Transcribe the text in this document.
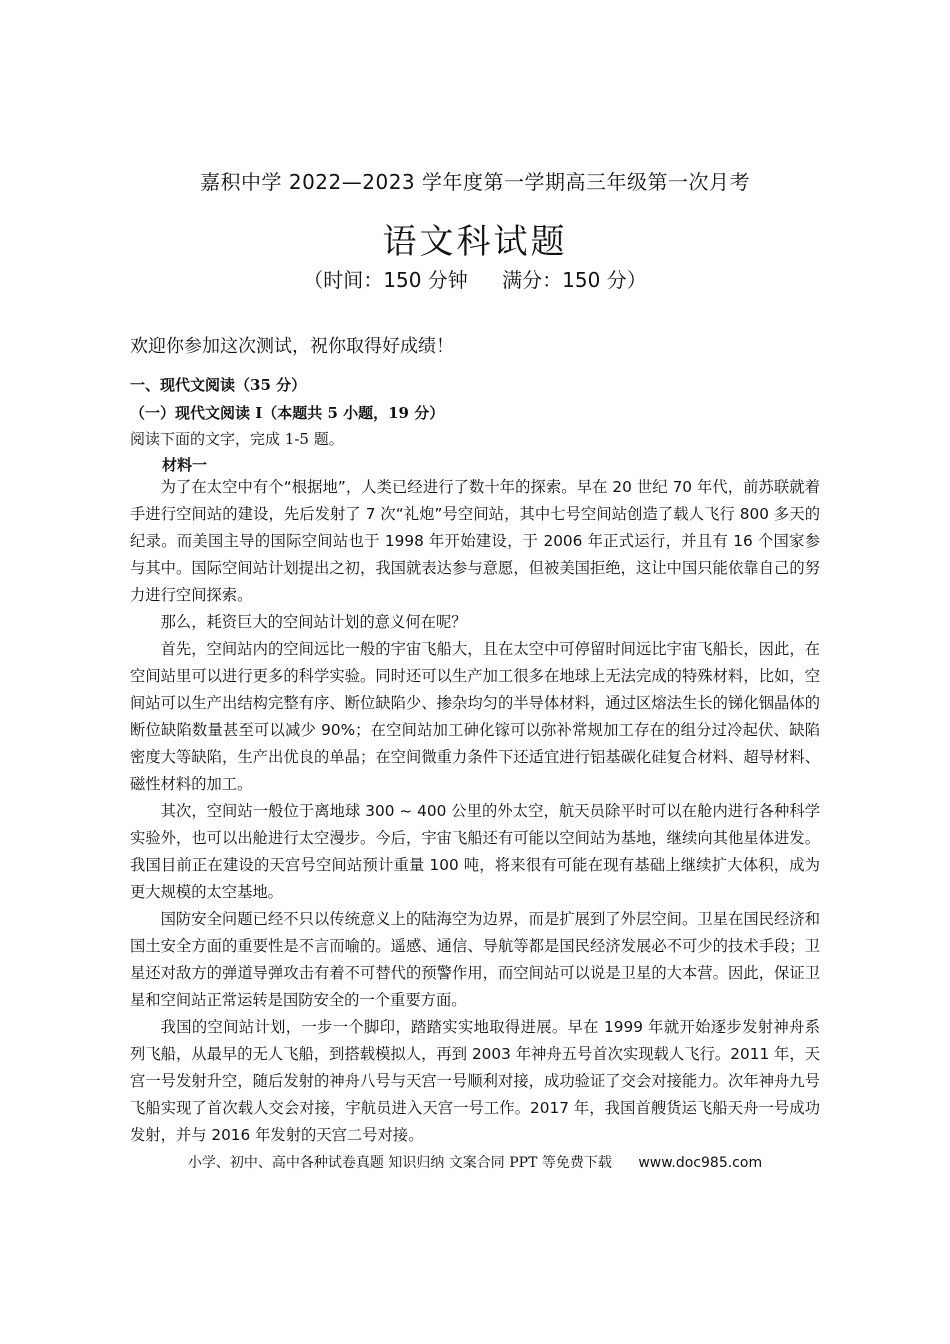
嘉积中学 2022—2023 学年度第一学期高三年级第一次月考
语文科试题
（时间：150 分钟 满分：150 分）
欢迎你参加这次测试，祝你取得好成绩！
一、现代文阅读（35 分）
（一）现代文阅读 I（本题共 5 小题，19 分）
阅读下面的文字，完成 1-5 题。
材料一

为了在太空中有个“根据地”，人类已经进行了数十年的探索。早在 20 世纪 70 年代，前苏联就着手进行空间站的建设，先后发射了 7 次“礼炮”号空间站，其中七号空间站创造了载人飞行 800 多天的纪录。而美国主导的国际空间站也于 1998 年开始建设，于 2006 年正式运行，并且有 16 个国家参与其中。国际空间站计划提出之初，我国就表达参与意愿，但被美国拒绝，这让中国只能依靠自己的努力进行空间探索。

那么，耗资巨大的空间站计划的意义何在呢？

首先，空间站内的空间远比一般的宇宙飞船大，且在太空中可停留时间远比宇宙飞船长，因此，在空间站里可以进行更多的科学实验。同时还可以生产加工很多在地球上无法完成的特殊材料，比如，空间站可以生产出结构完整有序、断位缺陷少、掺杂均匀的半导体材料，通过区熔法生长的锑化铟晶体的断位缺陷数量甚至可以减少 90%；在空间站加工砷化镓可以弥补常规加工存在的组分过冷起伏、缺陷密度大等缺陷，生产出优良的单晶；在空间微重力条件下还适宜进行铝基碳化硅复合材料、超导材料、磁性材料的加工。

其次，空间站一般位于离地球 300 ~ 400 公里的外太空，航天员除平时可以在舱内进行各种科学实验外，也可以出舱进行太空漫步。今后，宇宙飞船还有可能以空间站为基地，继续向其他星体进发。我国目前正在建设的天宫号空间站预计重量 100 吨，将来很有可能在现有基础上继续扩大体积，成为更大规模的太空基地。

国防安全问题已经不只以传统意义上的陆海空为边界，而是扩展到了外层空间。卫星在国民经济和国土安全方面的重要性是不言而喻的。遥感、通信、导航等都是国民经济发展必不可少的技术手段；卫星还对敌方的弹道导弹攻击有着不可替代的预警作用，而空间站可以说是卫星的大本营。因此，保证卫星和空间站正常运转是国防安全的一个重要方面。

我国的空间站计划，一步一个脚印，踏踏实实地取得进展。早在 1999 年就开始逐步发射神舟系列飞船，从最早的无人飞船，到搭载模拟人，再到 2003 年神舟五号首次实现载人飞行。2011 年，天宫一号发射升空，随后发射的神舟八号与天宫一号顺利对接，成功验证了交会对接能力。次年神舟九号飞船实现了首次载人交会对接，宇航员进入天宫一号工作。2017 年，我国首艘货运飞船天舟一号成功发射，并与 2016 年发射的天宫二号对接。

小学、初中、高中各种试卷真题 知识归纳 文案合同 PPT 等免费下载 www.doc985.com
